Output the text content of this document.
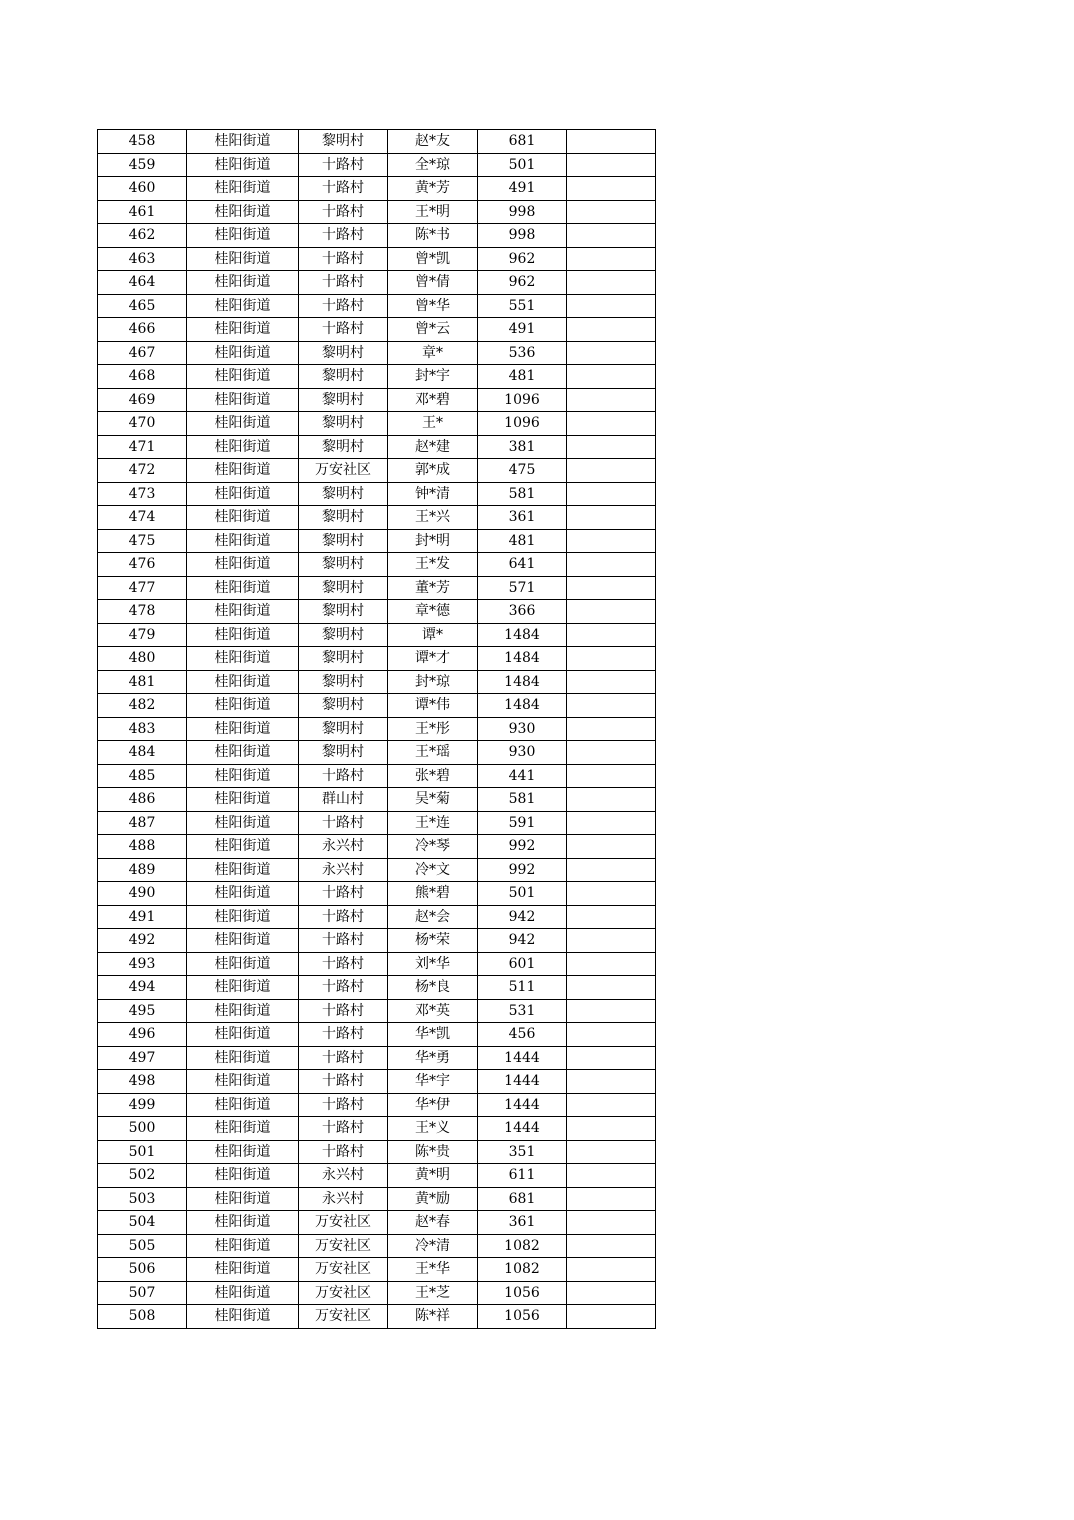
458	桂阳街道	黎明村	赵*友	681	
459	桂阳街道	十路村	全*琼	501	
460	桂阳街道	十路村	黄*芳	491	
461	桂阳街道	十路村	王*明	998	
462	桂阳街道	十路村	陈*书	998	
463	桂阳街道	十路村	曾*凯	962	
464	桂阳街道	十路村	曾*倩	962	
465	桂阳街道	十路村	曾*华	551	
466	桂阳街道	十路村	曾*云	491	
467	桂阳街道	黎明村	章*	536	
468	桂阳街道	黎明村	封*宇	481	
469	桂阳街道	黎明村	邓*碧	1096	
470	桂阳街道	黎明村	王*	1096	
471	桂阳街道	黎明村	赵*建	381	
472	桂阳街道	万安社区	郭*成	475	
473	桂阳街道	黎明村	钟*清	581	
474	桂阳街道	黎明村	王*兴	361	
475	桂阳街道	黎明村	封*明	481	
476	桂阳街道	黎明村	王*发	641	
477	桂阳街道	黎明村	董*芳	571	
478	桂阳街道	黎明村	章*德	366	
479	桂阳街道	黎明村	谭*	1484	
480	桂阳街道	黎明村	谭*才	1484	
481	桂阳街道	黎明村	封*琼	1484	
482	桂阳街道	黎明村	谭*伟	1484	
483	桂阳街道	黎明村	王*彤	930	
484	桂阳街道	黎明村	王*瑶	930	
485	桂阳街道	十路村	张*碧	441	
486	桂阳街道	群山村	吴*菊	581	
487	桂阳街道	十路村	王*连	591	
488	桂阳街道	永兴村	冷*琴	992	
489	桂阳街道	永兴村	冷*文	992	
490	桂阳街道	十路村	熊*碧	501	
491	桂阳街道	十路村	赵*会	942	
492	桂阳街道	十路村	杨*荣	942	
493	桂阳街道	十路村	刘*华	601	
494	桂阳街道	十路村	杨*良	511	
495	桂阳街道	十路村	邓*英	531	
496	桂阳街道	十路村	华*凯	456	
497	桂阳街道	十路村	华*勇	1444	
498	桂阳街道	十路村	华*宇	1444	
499	桂阳街道	十路村	华*伊	1444	
500	桂阳街道	十路村	王*义	1444	
501	桂阳街道	十路村	陈*贵	351	
502	桂阳街道	永兴村	黄*明	611	
503	桂阳街道	永兴村	黄*励	681	
504	桂阳街道	万安社区	赵*春	361	
505	桂阳街道	万安社区	冷*清	1082	
506	桂阳街道	万安社区	王*华	1082	
507	桂阳街道	万安社区	王*芝	1056	
508	桂阳街道	万安社区	陈*祥	1056	
